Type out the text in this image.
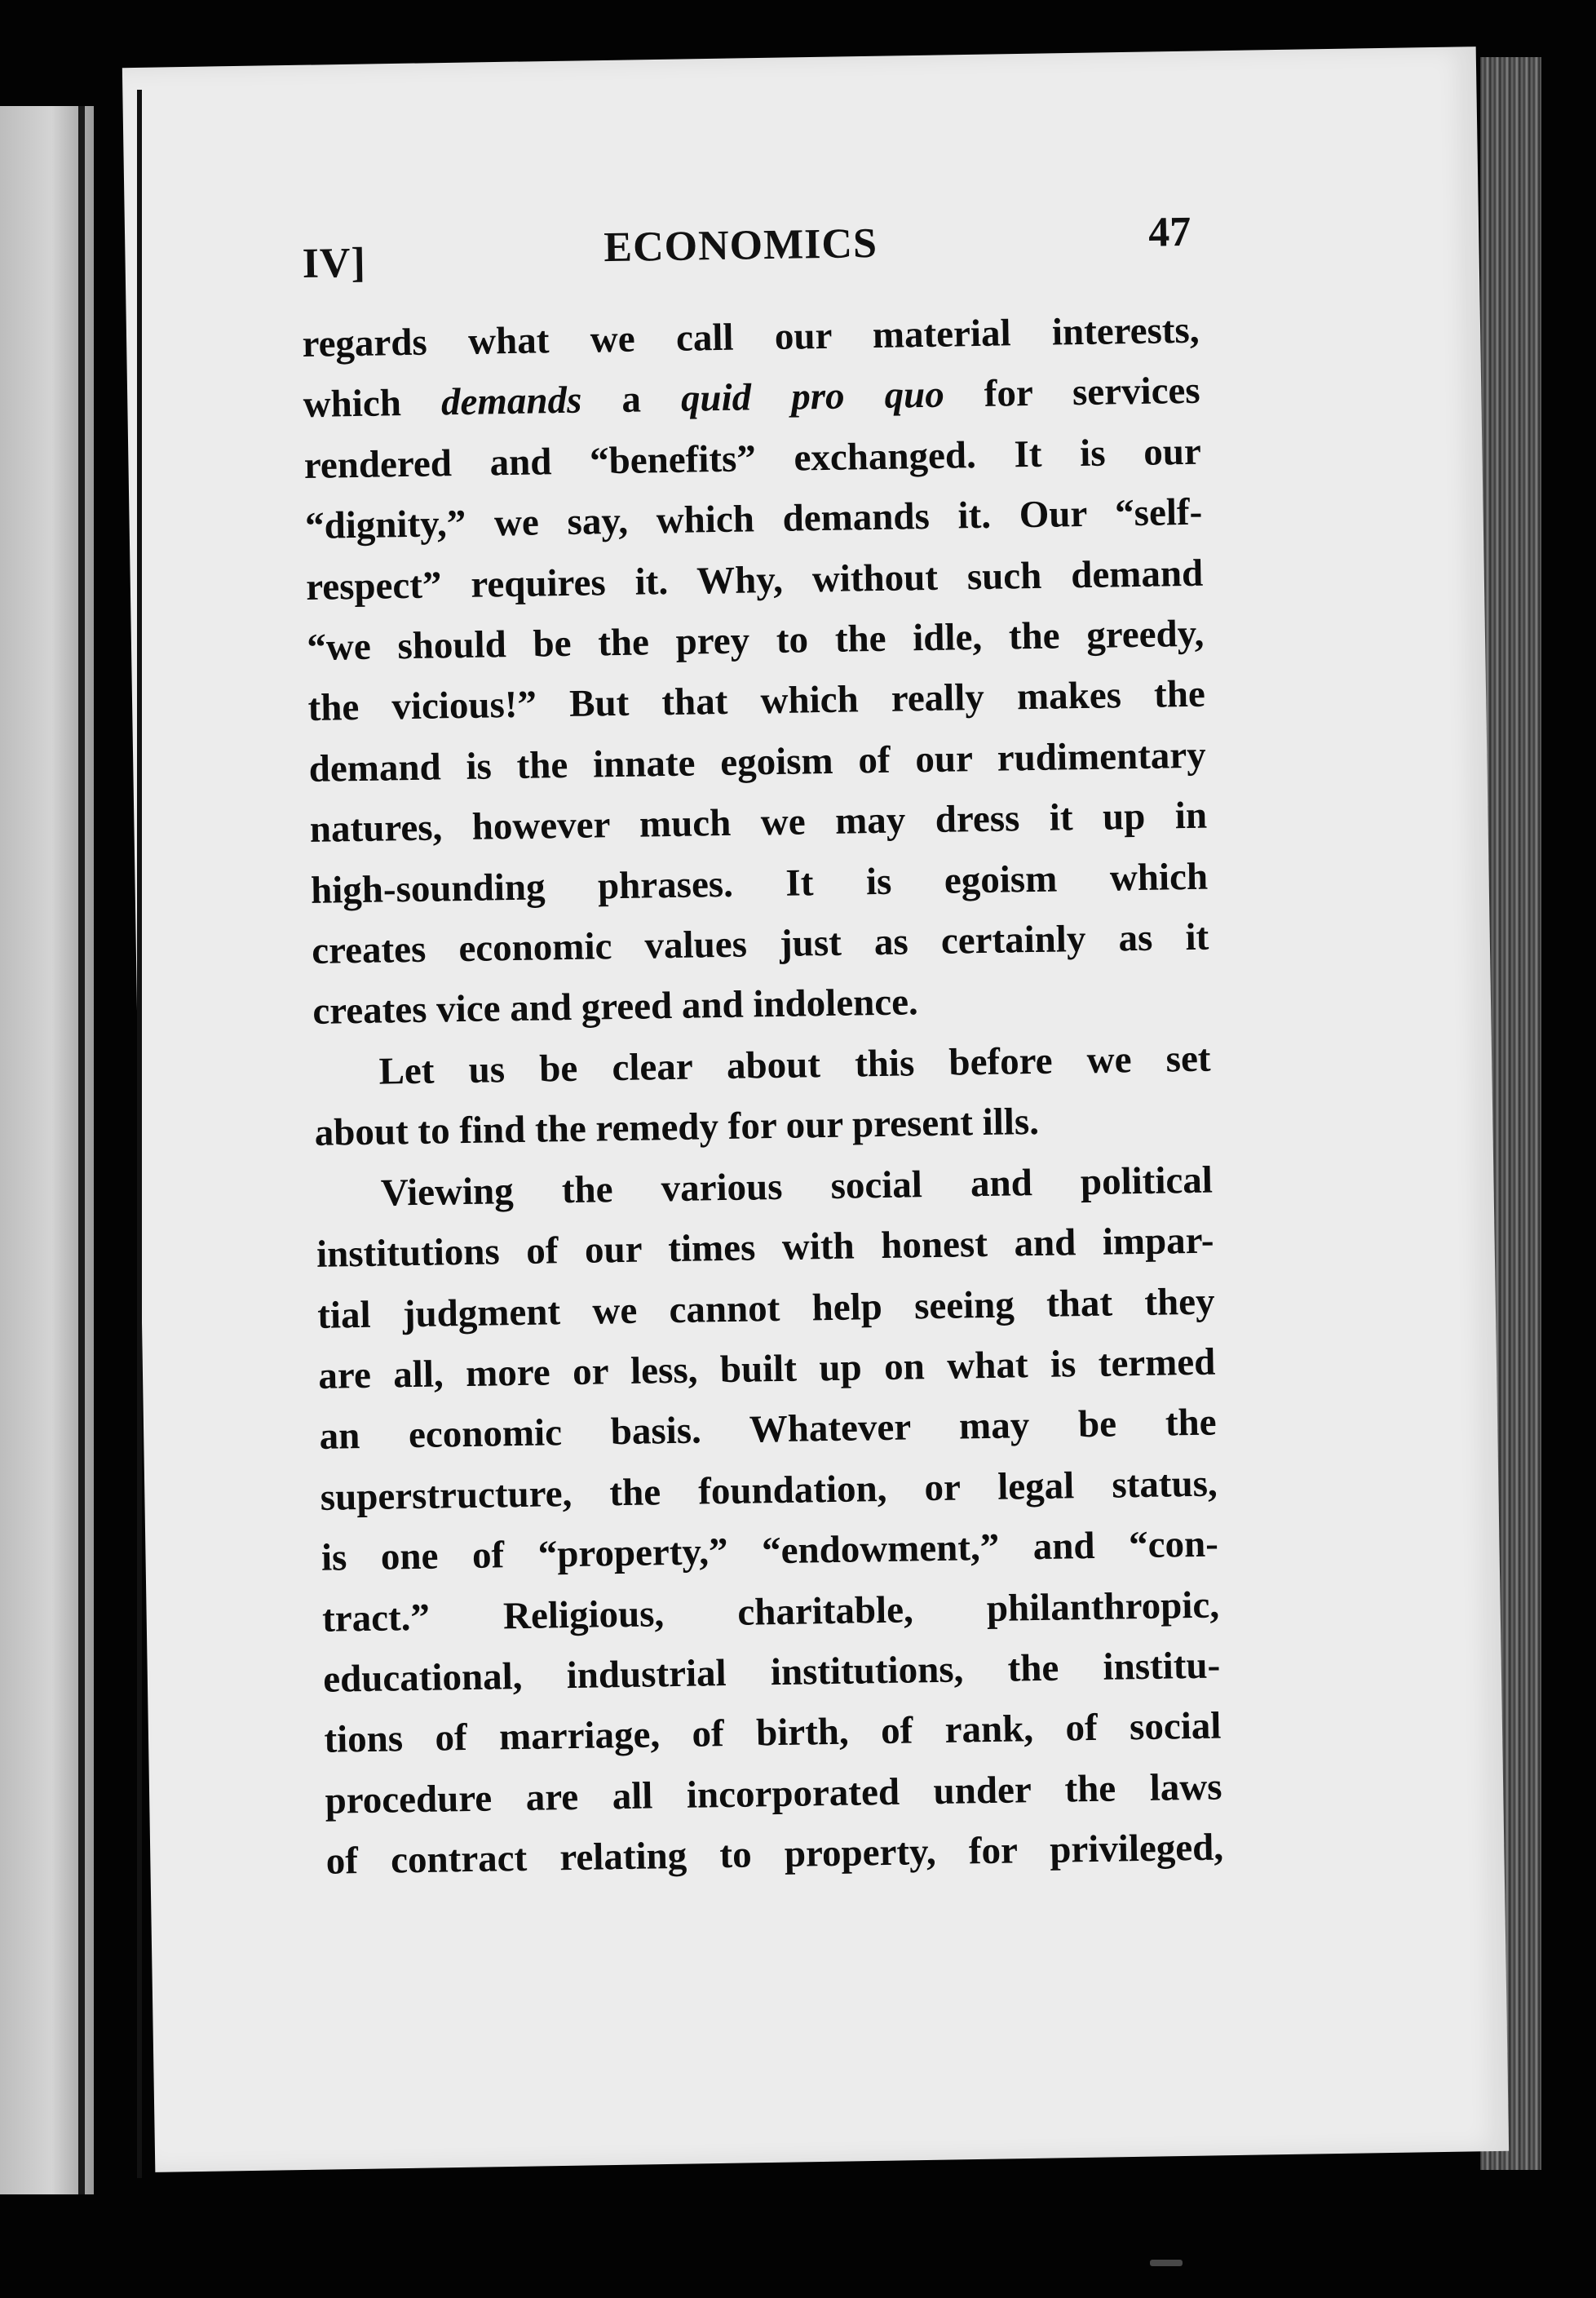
IV]	ECONOMICS	47

regards what we call our material interests,
which demands a quid pro quo for services
rendered and “benefits” exchanged. It is our
“dignity,” we say, which demands it. Our “self-
respect” requires it. Why, without such demand
“we should be the prey to the idle, the greedy,
the vicious!” But that which really makes the
demand is the innate egoism of our rudimentary
natures, however much we may dress it up in
high-sounding phrases. It is egoism which
creates economic values just as certainly as it
creates vice and greed and indolence.

Let us be clear about this before we set
about to find the remedy for our present ills.

Viewing the various social and political
institutions of our times with honest and impar-
tial judgment we cannot help seeing that they
are all, more or less, built up on what is termed
an economic basis. Whatever may be the
superstructure, the foundation, or legal status,
is one of “property,” “endowment,” and “con-
tract.” Religious, charitable, philanthropic,
educational, industrial institutions, the institu-
tions of marriage, of birth, of rank, of social
procedure are all incorporated under the laws
of contract relating to property, for privileged,
